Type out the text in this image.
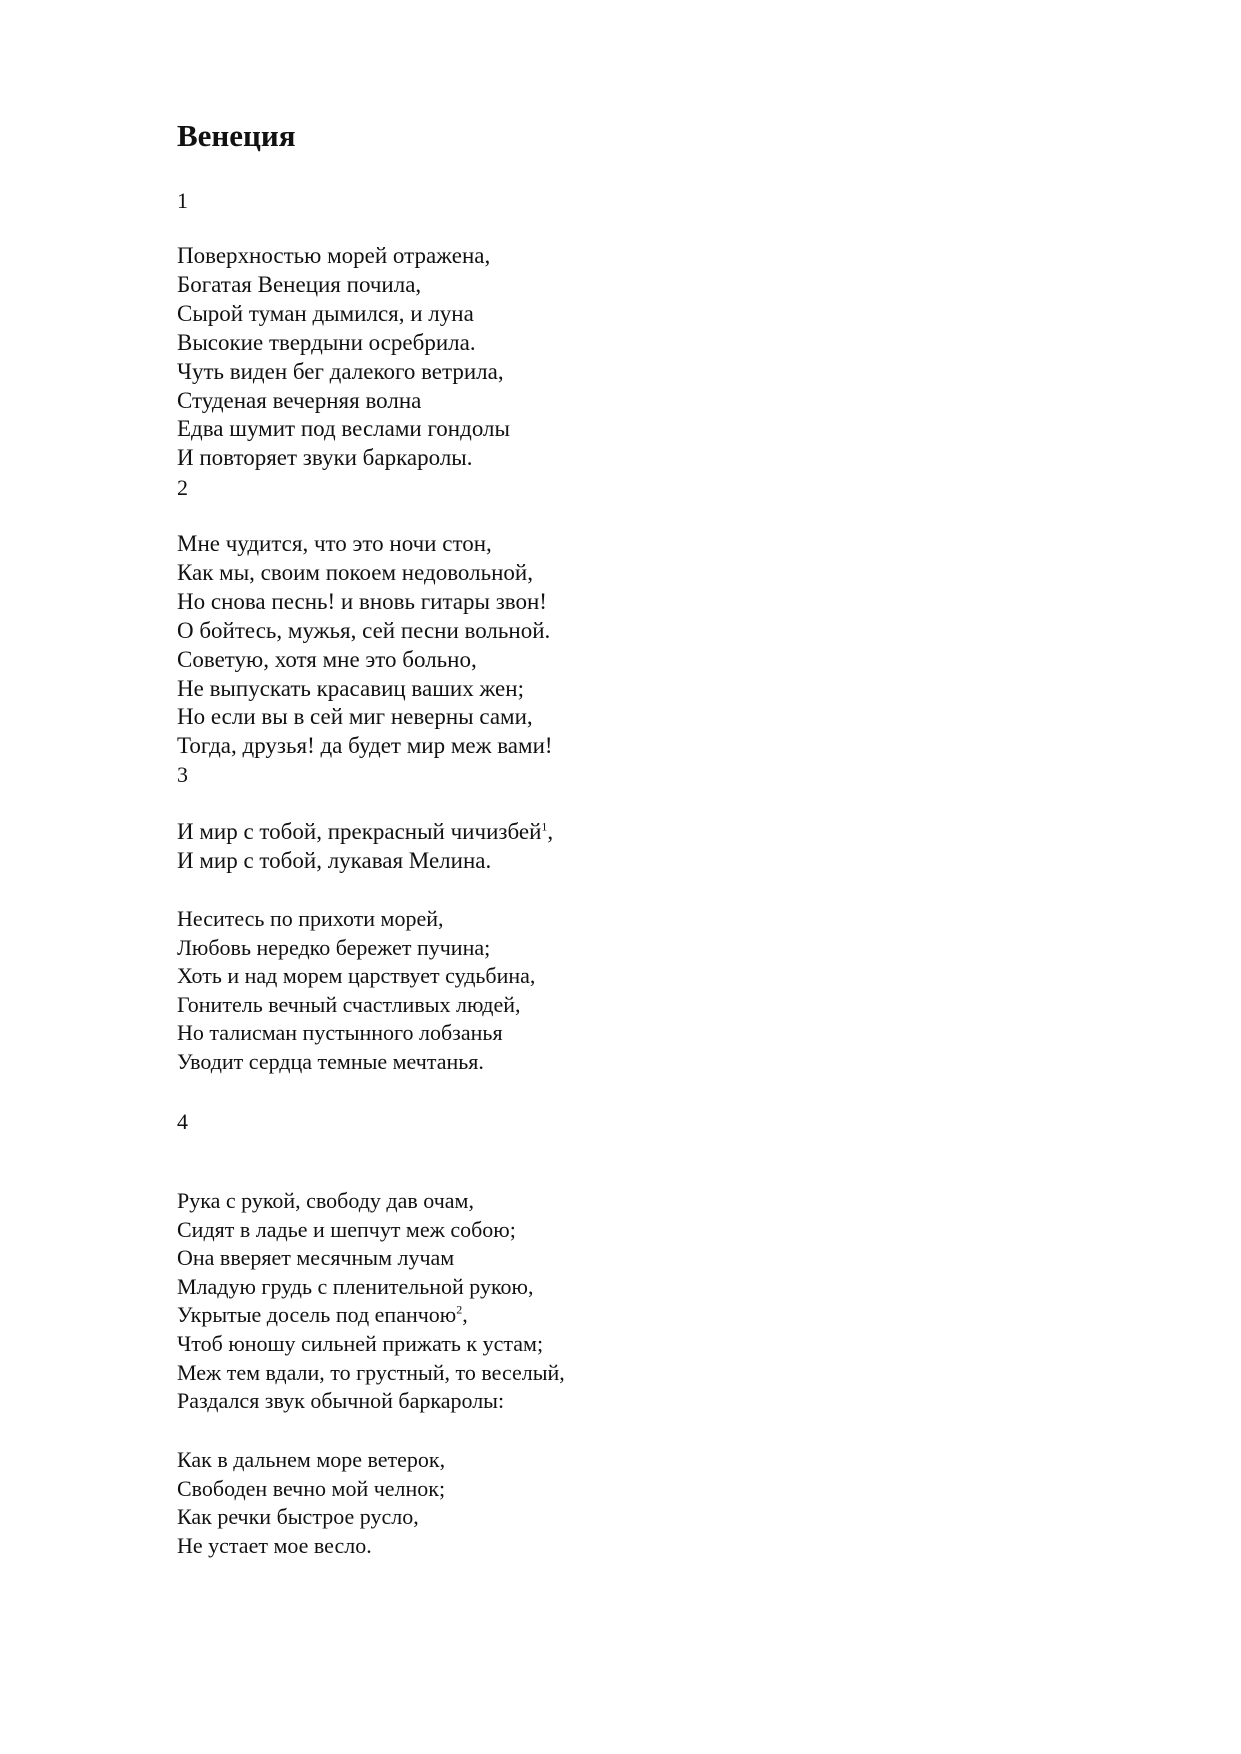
Венеция
1
Поверхностью морей отражена,
Богатая Венеция почила,
Сырой туман дымился, и луна
Высокие твердыни осребрила.
Чуть виден бег далекого ветрила,
Студеная вечерняя волна
Едва шумит под веслами гондолы
И повторяет звуки баркаролы.
2
Мне чудится, что это ночи стон,
Как мы, своим покоем недовольной,
Но снова песнь! и вновь гитары звон!
О бойтесь, мужья, сей песни вольной.
Советую, хотя мне это больно,
Не выпускать красавиц ваших жен;
Но если вы в сей миг неверны сами,
Тогда, друзья! да будет мир меж вами!
3
И мир с тобой, прекрасный чичизбей$^1$,
И мир с тобой, лукавая Мелина.
Неситесь по прихоти морей,
Любовь нередко бережет пучина;
Хоть и над морем царствует судьбина,
Гонитель вечный счастливых людей,
Но талисман пустынного лобзанья
Уводит сердца темные мечтанья.
4
Рука с рукой, свободу дав очам,
Сидят в ладье и шепчут меж собою;
Она вверяет месячным лучам
Младую грудь с пленительной рукою,
Укрытые досель под епанчою$^2$,
Чтоб юношу сильней прижать к устам;
Меж тем вдали, то грустный, то веселый,
Раздался звук обычной баркаролы:
Как в дальнем море ветерок,
Свободен вечно мой челнок;
Как речки быстрое русло,
Не устает мое весло.
